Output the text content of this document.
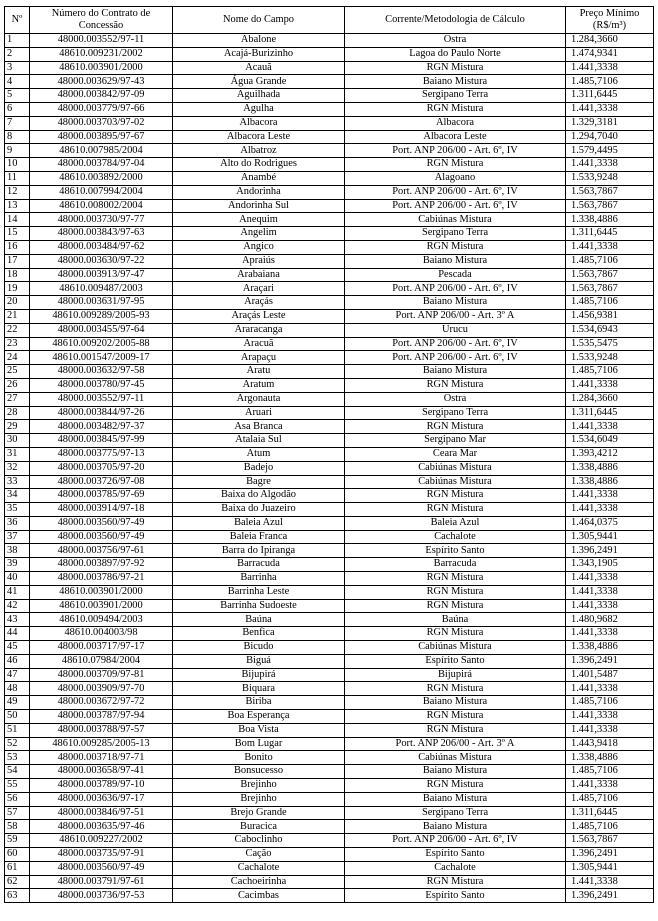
Nº	Número do Contrato de Concessão	Nome do Campo	Corrente/Metodologia de Cálculo	Preço Mínimo (R$/m³)
1	48000.003552/97-11	Abalone	Ostra	1.284,3660
2	48610.009231/2002	Acajá-Burizinho	Lagoa do Paulo Norte	1.474,9341
3	48610.003901/2000	Acauã	RGN Mistura	1.441,3338
4	48000.003629/97-43	Água Grande	Baiano Mistura	1.485,7106
5	48000.003842/97-09	Aguilhada	Sergipano Terra	1.311,6445
6	48000.003779/97-66	Agulha	RGN Mistura	1.441,3338
7	48000.003703/97-02	Albacora	Albacora	1.329,3181
8	48000.003895/97-67	Albacora Leste	Albacora Leste	1.294,7040
9	48610.007985/2004	Albatroz	Port. ANP 206/00 - Art. 6º, IV	1.579,4495
10	48000.003784/97-04	Alto do Rodrigues	RGN Mistura	1.441,3338
11	48610.003892/2000	Anambé	Alagoano	1.533,9248
12	48610.007994/2004	Andorinha	Port. ANP 206/00 - Art. 6º, IV	1.563,7867
13	48610.008002/2004	Andorinha Sul	Port. ANP 206/00 - Art. 6º, IV	1.563,7867
14	48000.003730/97-77	Anequim	Cabiúnas Mistura	1.338,4886
15	48000.003843/97-63	Angelim	Sergipano Terra	1.311,6445
16	48000.003484/97-62	Angico	RGN Mistura	1.441,3338
17	48000.003630/97-22	Apraiús	Baiano Mistura	1.485,7106
18	48000.003913/97-47	Arabaiana	Pescada	1.563,7867
19	48610.009487/2003	Araçari	Port. ANP 206/00 - Art. 6º, IV	1.563,7867
20	48000.003631/97-95	Araçás	Baiano Mistura	1.485,7106
21	48610.009289/2005-93	Araçás Leste	Port. ANP 206/00 - Art. 3º A	1.456,9381
22	48000.003455/97-64	Araracanga	Urucu	1.534,6943
23	48610.009202/2005-88	Aracuã	Port. ANP 206/00 - Art. 6º, IV	1.535,5475
24	48610.001547/2009-17	Arapaçu	Port. ANP 206/00 - Art. 6º, IV	1.533,9248
25	48000.003632/97-58	Aratu	Baiano Mistura	1.485,7106
26	48000.003780/97-45	Aratum	RGN Mistura	1.441,3338
27	48000.003552/97-11	Argonauta	Ostra	1.284,3660
28	48000.003844/97-26	Aruari	Sergipano Terra	1.311,6445
29	48000.003482/97-37	Asa Branca	RGN Mistura	1.441,3338
30	48000.003845/97-99	Atalaia Sul	Sergipano Mar	1.534,6049
31	48000.003775/97-13	Atum	Ceara Mar	1.393,4212
32	48000.003705/97-20	Badejo	Cabiúnas Mistura	1.338,4886
33	48000.003726/97-08	Bagre	Cabiúnas Mistura	1.338,4886
34	48000.003785/97-69	Baixa do Algodão	RGN Mistura	1.441,3338
35	48000.003914/97-18	Baixa do Juazeiro	RGN Mistura	1.441,3338
36	48000.003560/97-49	Baleia Azul	Baleia Azul	1.464,0375
37	48000.003560/97-49	Baleia Franca	Cachalote	1.305,9441
38	48000.003756/97-61	Barra do Ipiranga	Espírito Santo	1.396,2491
39	48000.003897/97-92	Barracuda	Barracuda	1.343,1905
40	48000.003786/97-21	Barrinha	RGN Mistura	1.441,3338
41	48610.003901/2000	Barrinha Leste	RGN Mistura	1.441,3338
42	48610.003901/2000	Barrinha Sudoeste	RGN Mistura	1.441,3338
43	48610.009494/2003	Baúna	Baúna	1.480,9682
44	48610.004003/98	Benfica	RGN Mistura	1.441,3338
45	48000.003717/97-17	Bicudo	Cabiúnas Mistura	1.338,4886
46	48610.07984/2004	Biguá	Espírito Santo	1.396,2491
47	48000.003709/97-81	Bijupirá	Bijupirá	1.401,5487
48	48000.003909/97-70	Biquara	RGN Mistura	1.441,3338
49	48000.003672/97-72	Biriba	Baiano Mistura	1.485,7106
50	48000.003787/97-94	Boa Esperança	RGN Mistura	1.441,3338
51	48000.003788/97-57	Boa Vista	RGN Mistura	1.441,3338
52	48610.009285/2005-13	Bom Lugar	Port. ANP 206/00 - Art. 3º A	1.443,9418
53	48000.003718/97-71	Bonito	Cabiúnas Mistura	1.338,4886
54	48000.003658/97-41	Bonsucesso	Baiano Mistura	1.485,7106
55	48000.003789/97-10	Brejinho	RGN Mistura	1.441,3338
56	48000.003636/97-17	Brejinho	Baiano Mistura	1.485,7106
57	48000.003846/97-51	Brejo Grande	Sergipano Terra	1.311,6445
58	48000.003635/97-46	Buracica	Baiano Mistura	1.485,7106
59	48610.009227/2002	Caboclinho	Port. ANP 206/00 - Art. 6º, IV	1.563,7867
60	48000.003735/97-91	Cação	Espírito Santo	1.396,2491
61	48000.003560/97-49	Cachalote	Cachalote	1.305,9441
62	48000.003791/97-61	Cachoeirinha	RGN Mistura	1.441,3338
63	48000.003736/97-53	Cacimbas	Espírito Santo	1.396,2491
